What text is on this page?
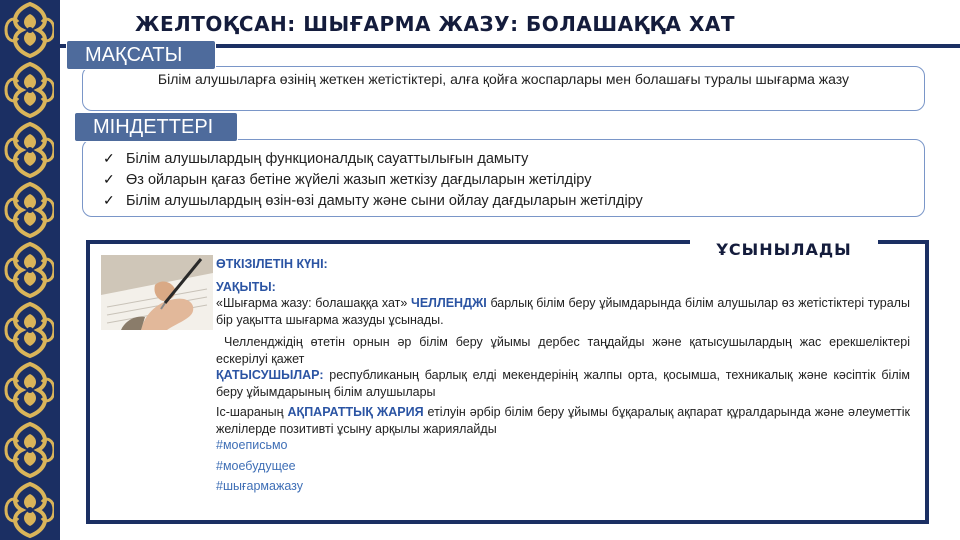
ЖЕЛТОҚСАН: ШЫҒАРМА ЖАЗУ: БОЛАШАҚҚА ХАТ
МАҚСАТЫ
Білім алушыларға өзінің жеткен жетістіктері, алға қойға жоспарлары мен болашағы туралы шығарма жазу
МІНДЕТТЕРІ
✓ Білім алушылардың функционалдық сауаттылығын дамыту
✓ Өз ойларын қағаз бетіне жүйелі жазып жеткізу дағдыларын жетілдіру
✓ Білім алушылардың өзін-өзі дамыту және сыни ойлау дағдыларын жетілдіру
ҰСЫНЫЛАДЫ

ӨТКІЗІЛЕТІН КҮНІ:

УАҚЫТЫ:

«Шығарма жазу: болашаққа хат» ЧЕЛЛЕНДЖІ барлық білім беру ұйымдарында білім алушылар өз жетістіктері туралы бір уақытта шығарма жазуды ұсынады.

Челленджідің өтетін орнын әр білім беру ұйымы дербес таңдайды және қатысушылардың жас ерекшеліктері ескерілуі қажет

ҚАТЫСУШЫЛАР: республиканың барлық елді мекендерінің жалпы орта, қосымша, техникалық және кәсіптік білім беру ұйымдарының білім алушылары

Іс-шараның АҚПАРАТТЫҚ ЖАРИЯ етілуін әрбір білім беру ұйымы бұқаралық ақпарат құралдарында және әлеуметтік желілерде позитивті ұсыну арқылы жариялайды

#моеписьмо

#моебудущее

#шығармажазу
